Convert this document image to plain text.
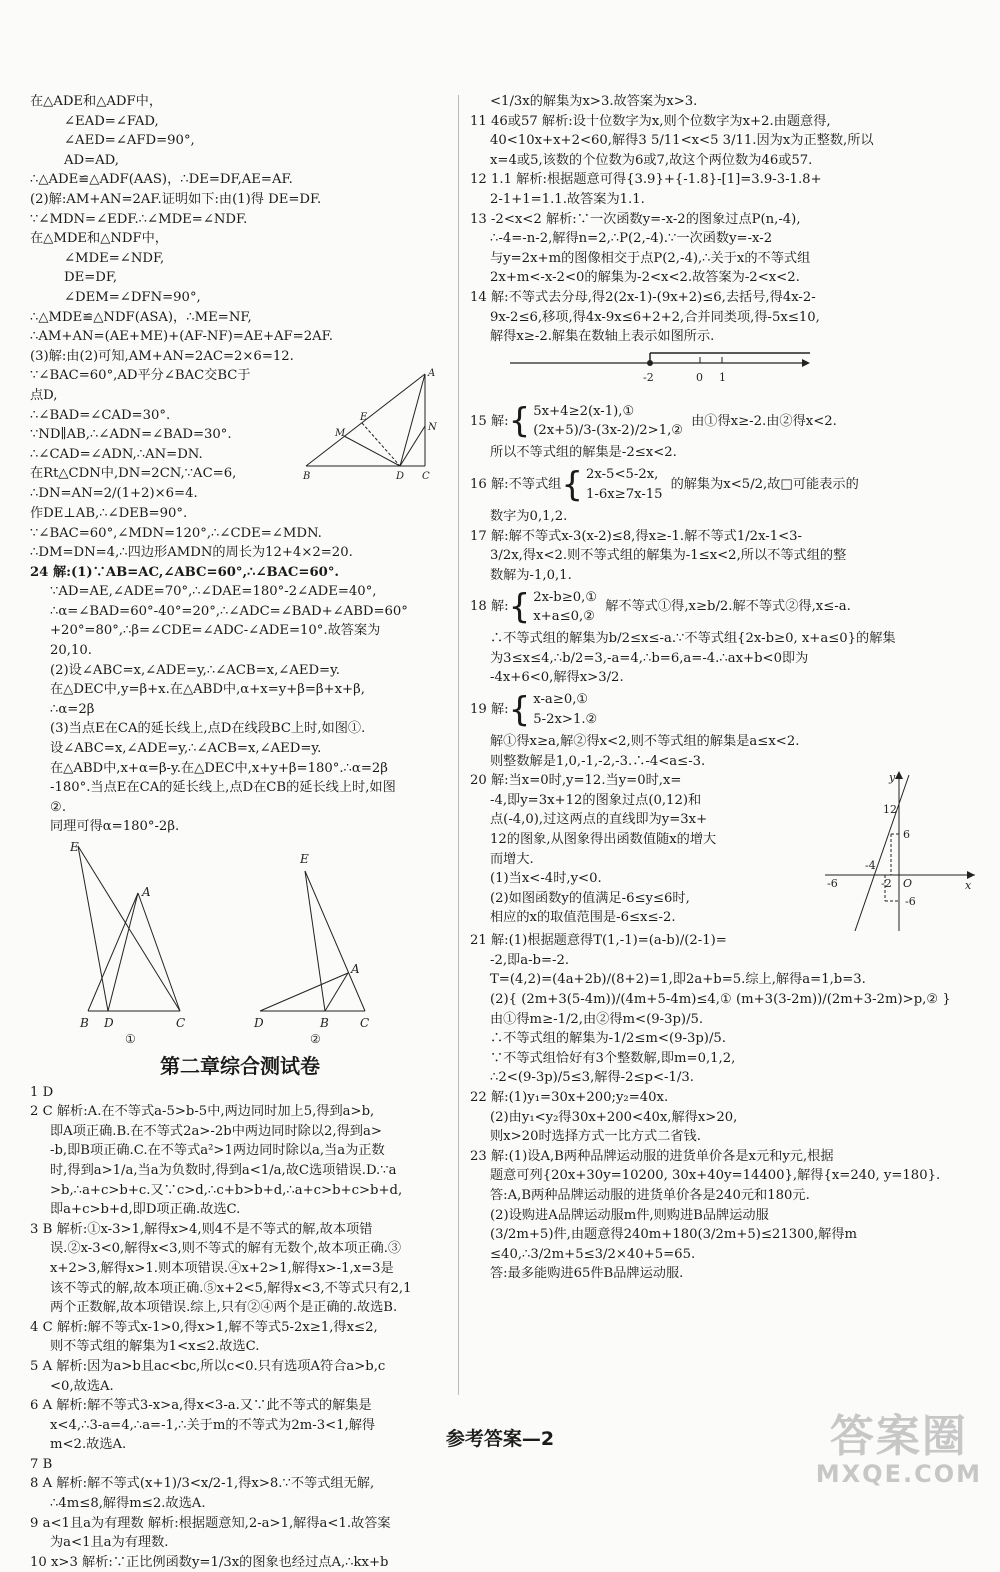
在△ADE和△ADF中，
∠EAD=∠FAD,
∠AED=∠AFD=90°,
AD=AD,
∴△ADE≌△ADF(AAS)，∴DE=DF,AE=AF.
(2)解:AM+AN=2AF.证明如下:由(1)得 DE=DF.
∵∠MDN=∠EDF.∴∠MDE=∠NDF.
在△MDE和△NDF中，
∠MDE=∠NDF,
DE=DF,
∠DEM=∠DFN=90°,
∴△MDE≌△NDF(ASA)，∴ME=NF,
∴AM+AN=(AE+ME)+(AF-NF)=AE+AF=2AF.
(3)解:由(2)可知,AM+AN=2AC=2×6=12.
∵∠BAC=60°,AD平分∠BAC交BC于
点D,
∴∠BAD=∠CAD=30°.
∵ND∥AB,∴∠ADN=∠BAD=30°.
∴∠CAD=∠ADN,∴AN=DN.
在Rt△CDN中,DN=2CN,∵AC=6,
A
E
M
N
B	D C
∴DN=AN=2/(1+2)×6=4.
作DE⊥AB,∴∠DEB=90°.
∵∠BAC=60°,∠MDN=120°,∴∠CDE=∠MDN.
∴DM=DN=4,∴四边形AMDN的周长为12+4×2=20.
24 解:(1)∵AB=AC,∠ABC=60°,∴∠BAC=60°.
∵AD=AE,∠ADE=70°,∴∠DAE=180°-2∠ADE=40°,
∴α=∠BAD=60°-40°=20°,∴∠ADC=∠BAD+∠ABD=60°
+20°=80°,∴β=∠CDE=∠ADC-∠ADE=10°.故答案为
20,10.
(2)设∠ABC=x,∠ADE=y,∴∠ACB=x,∠AED=y.
在△DEC中,y=β+x.在△ABD中,α+x=y+β=β+x+β,
∴α=2β
(3)当点E在CA的延长线上,点D在线段BC上时,如图①.
设∠ABC=x,∠ADE=y,∴∠ACB=x,∠AED=y.
在△ABD中,x+α=β-y.在△DEC中,x+y+β=180°.∴α=2β
-180°.当点E在CA的延长线上,点D在CB的延长线上时,如图
②.
同理可得α=180°-2β.
E
A
B D	C
①
E
A
D	B	C
②
第二章综合测试卷
1 D
2 C 解析:A.在不等式a-5>b-5中,两边同时加上5,得到a>b,
即A项正确.B.在不等式2a>-2b中两边同时除以2,得到a>
-b,即B项正确.C.在不等式a²>1两边同时除以a,当a为正数
时,得到a>1/a,当a为负数时,得到a<1/a,故C选项错误.D.∵a
>b,∴a+c>b+c.又∵c>d,∴c+b>b+d,∴a+c>b+c>b+d,
即a+c>b+d,即D项正确.故选C.
3 B 解析:①x-3>1,解得x>4,则4不是不等式的解,故本项错
误.②x-3<0,解得x<3,则不等式的解有无数个,故本项正确.③
x+2>3,解得x>1.则本项错误.④x+2>1,解得x>-1,x=3是
该不等式的解,故本项正确.⑤x+2<5,解得x<3,不等式只有2,1
两个正数解,故本项错误.综上,只有②④两个是正确的.故选B.
4 C 解析:解不等式x-1>0,得x>1,解不等式5-2x≥1,得x≤2,
则不等式组的解集为1<x≤2.故选C.
5 A 解析:因为a>b且ac<bc,所以c<0.只有选项A符合a>b,c
<0,故选A.
6 A 解析:解不等式3-x>a,得x<3-a.又∵此不等式的解集是
x<4,∴3-a=4,∴a=-1,∴关于m的不等式为2m-3<1,解得
m<2.故选A.
7 B
8 A 解析:解不等式(x+1)/3<x/2-1,得x>8.∵不等式组无解,
∴4m≤8,解得m≤2.故选A.
9 a<1且a为有理数 解析:根据题意知,2-a>1,解得a<1.故答案
为a<1且a为有理数.
10 x>3 解析:∵正比例函数y=1/3x的图象也经过点A,∴kx+b
<1/3x的解集为x>3.故答案为x>3.
11 46或57 解析:设十位数字为x,则个位数字为x+2.由题意得,
40<10x+x+2<60,解得3 5/11<x<5 3/11.因为x为正整数,所以
x=4或5,该数的个位数为6或7,故这个两位数为46或57.
12 1.1 解析:根据题意可得{3.9}+{-1.8}-[1]=3.9-3-1.8+
2-1+1=1.1.故答案为1.1.
13 -2<x<2 解析:∵一次函数y=-x-2的图象过点P(n,-4),
∴-4=-n-2,解得n=2,∴P(2,-4).∵一次函数y=-x-2
与y=2x+m的图像相交于点P(2,-4),∴关于x的不等式组
2x+m<-x-2<0的解集为-2<x<2.故答案为-2<x<2.
14 解:不等式去分母,得2(2x-1)-(9x+2)≤6,去括号,得4x-2-
9x-2≤6,移项,得4x-9x≤6+2+2,合并同类项,得-5x≤10,
解得x≥-2.解集在数轴上表示如图所示.
-2	0 1
15 解: { 5x+4≥2(x-1),①
(2x+5)/3-(3x-2)/2>1,②
由①得x≥-2.由②得x<2.
所以不等式组的解集是-2≤x<2.
16 解:不等式组 { 2x-5<5-2x,
1-6x≥7x-15
的解集为x<5/2,故□可能表示的
数字为0,1,2.
17 解:解不等式x-3(x-2)≤8,得x≥-1.解不等式1/2x-1<3-
3/2x,得x<2.则不等式组的解集为-1≤x<2,所以不等式组的整
数解为-1,0,1.
18 解: { 2x-b≥0,①
x+a≤0,②
解不等式①得,x≥b/2.解不等式②得,x≤-a.
∴不等式组的解集为b/2≤x≤-a.∵不等式组{2x-b≥0, x+a≤0}的解集
为3≤x≤4,∴b/2=3,-a=4,∴b=6,a=-4.∴ax+b<0即为
-4x+6<0,解得x>3/2.
19 解: { x-a≥0,①
5-2x>1.②
解①得x≥a,解②得x<2,则不等式组的解集是a≤x<2.
则整数解是1,0,-1,-2,-3.∴-4<a≤-3.
20 解:当x=0时,y=12.当y=0时,x=
-4,即y=3x+12的图象过点(0,12)和
点(-4,0),过这两点的直线即为y=3x+
12的图象,从图象得出函数值随x的增大
而增大.
(1)当x<-4时,y<0.
(2)如图函数y的值满足-6≤y≤6时,
相应的x的取值范围是-6≤x≤-2.
y
x
O
12
6
-6
-6
-4
-2
21 解:(1)根据题意得T(1,-1)=(a-b)/(2-1)=
-2,即a-b=-2.
T=(4,2)=(4a+2b)/(8+2)=1,即2a+b=5.综上,解得a=1,b=3.
(2){ (2m+3(5-4m))/(4m+5-4m)≤4,① (m+3(3-2m))/(2m+3-2m)>p,② }
由①得m≥-1/2,由②得m<(9-3p)/5.
∴不等式组的解集为-1/2≤m<(9-3p)/5.
∵不等式组恰好有3个整数解,即m=0,1,2,
∴2<(9-3p)/5≤3,解得-2≤p<-1/3.
22 解:(1)y₁=30x+200;y₂=40x.
(2)由y₁<y₂得30x+200<40x,解得x>20,
则x>20时选择方式一比方式二省钱.
23 解:(1)设A,B两种品牌运动服的进货单价各是x元和y元,根据
题意可列{20x+30y=10200, 30x+40y=14400},解得{x=240, y=180}.
答:A,B两种品牌运动服的进货单价各是240元和180元.
(2)设购进A品牌运动服m件,则购进B品牌运动服
(3/2m+5)件,由题意得240m+180(3/2m+5)≤21300,解得m
≤40,∴3/2m+5≤3/2×40+5=65.
答:最多能购进65件B品牌运动服.
参考答案—2	答案圈
MXQE.COM
